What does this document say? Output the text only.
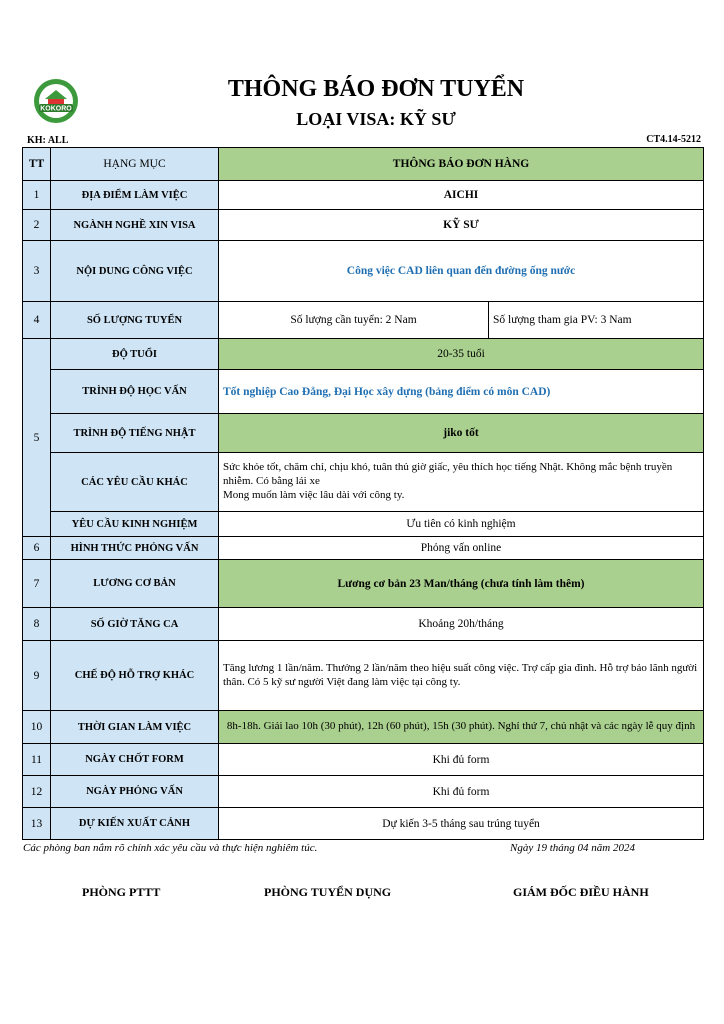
KOKORO
THÔNG BÁO ĐƠN TUYỂN
LOẠI VISA: KỸ SƯ
KH: ALL	CT4.14-5212
TT	HẠNG MỤC	THÔNG BÁO ĐƠN HÀNG	
1	ĐỊA ĐIỂM LÀM VIỆC	AICHI	
2	NGÀNH NGHỀ XIN VISA	KỸ SƯ	
3	NỘI DUNG CÔNG VIỆC	Công việc CAD liên quan đến đường ống nước	
4	SỐ LƯỢNG TUYỂN	Số lượng cần tuyển: 2 Nam	Số lượng tham gia PV: 3 Nam
5	ĐỘ TUỔI	20-35 tuổi	
	TRÌNH ĐỘ HỌC VẤN	Tốt nghiệp Cao Đẳng, Đại Học xây dựng (bảng điểm có môn CAD)	
	TRÌNH ĐỘ TIẾNG NHẬT	jiko tốt	
	CÁC YÊU CẦU KHÁC	Sức khỏe tốt, chăm chỉ, chịu khó, tuân thủ giờ giấc, yêu thích học tiếng Nhật. Không mắc bệnh truyền nhiễm. Có bằng lái xe
Mong muốn làm việc lâu dài với công ty.	

	YÊU CẦU KINH NGHIỆM	Ưu tiên có kinh nghiệm	
6	HÌNH THỨC PHỎNG VẤN	Phỏng vấn online	
7	LƯƠNG CƠ BẢN	Lương cơ bản 23 Man/tháng (chưa tính làm thêm)	
8	SỐ GIỜ TĂNG CA	Khoảng 20h/tháng	
9	CHẾ ĐỘ HỖ TRỢ KHÁC	Tăng lương 1 lần/năm. Thưởng 2 lần/năm theo hiệu suất công việc. Trợ cấp gia đình. Hỗ trợ bảo lãnh người thân. Có 5 kỹ sư người Việt đang làm việc tại công ty.	
10	THỜI GIAN LÀM VIỆC	8h-18h. Giải lao 10h (30 phút), 12h (60 phút), 15h (30 phút). Nghỉ thứ 7, chủ nhật và các ngày lễ quy định	
11	NGÀY CHỐT FORM	Khi đủ form	
12	NGÀY PHỎNG VẤN	Khi đủ form	
13	DỰ KIẾN XUẤT CẢNH	Dự kiến 3-5 tháng sau trúng tuyển	
Các phòng ban nắm rõ chính xác yêu cầu và thực hiện nghiêm túc.	Ngày 19 tháng 04 năm 2024
PHÒNG PTTT	PHÒNG TUYỂN DỤNG	GIÁM ĐỐC ĐIỀU HÀNH
